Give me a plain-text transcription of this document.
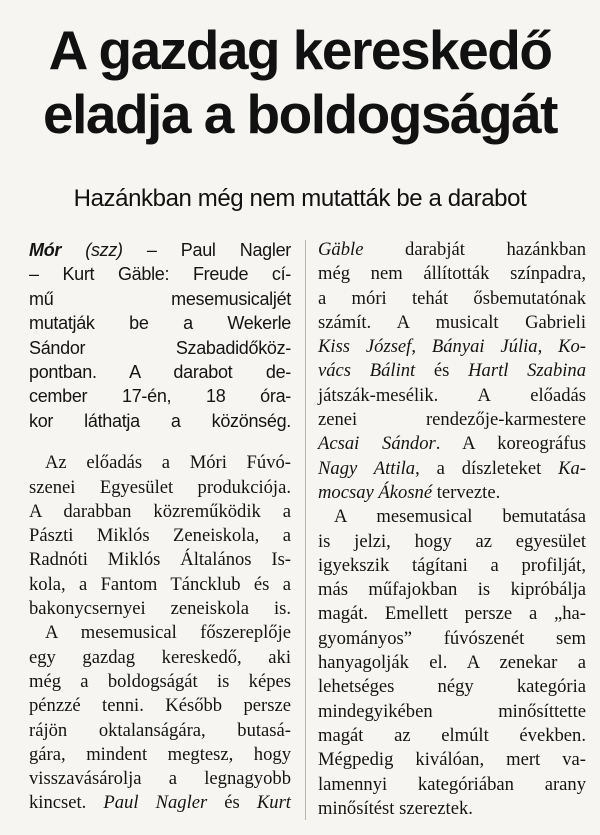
A gazdag kereskedő
eladja a boldogságát
Hazánkban még nem mutatták be a darabot
Mór (szz) – Paul Nagler
– Kurt Gäble: Freude cí-
mű mesemusicaljét
mutatják be a Wekerle
Sándor Szabadidőköz-
pontban. A darabot de-
cember 17-én, 18 óra-
kor láthatja a közönség.
Az előadás a Móri Fúvó-
szenei Egyesület produkciója.
A darabban közreműködik a
Pászti Miklós Zeneiskola, a
Radnóti Miklós Általános Is-
kola, a Fantom Táncklub és a
bakonycsernyei zeneiskola is.
A mesemusical főszereplője
egy gazdag kereskedő, aki
még a boldogságát is képes
pénzzé tenni. Később persze
rájön oktalanságára, butasá-
gára, mindent megtesz, hogy
visszavásárolja a legnagyobb
kincset. Paul Nagler és Kurt
Gäble darabját hazánkban
még nem állították színpadra,
a móri tehát ősbemutatónak
számít. A musicalt Gabrieli
Kiss József, Bányai Júlia, Ko-
vács Bálint és Hartl Szabina
játszák-mesélik. A előadás
zenei rendezője-karmestere
Acsai Sándor. A koreográfus
Nagy Attila, a díszleteket Ka-
mocsay Ákosné tervezte.
A mesemusical bemutatása
is jelzi, hogy az egyesület
igyekszik tágítani a profilját,
más műfajokban is kipróbálja
magát. Emellett persze a „ha-
gyományos” fúvószenét sem
hanyagolják el. A zenekar a
lehetséges négy kategória
mindegyikében minősíttette
magát az elmúlt években.
Mégpedig kiválóan, mert va-
lamennyi kategóriában arany
minősítést szereztek.
